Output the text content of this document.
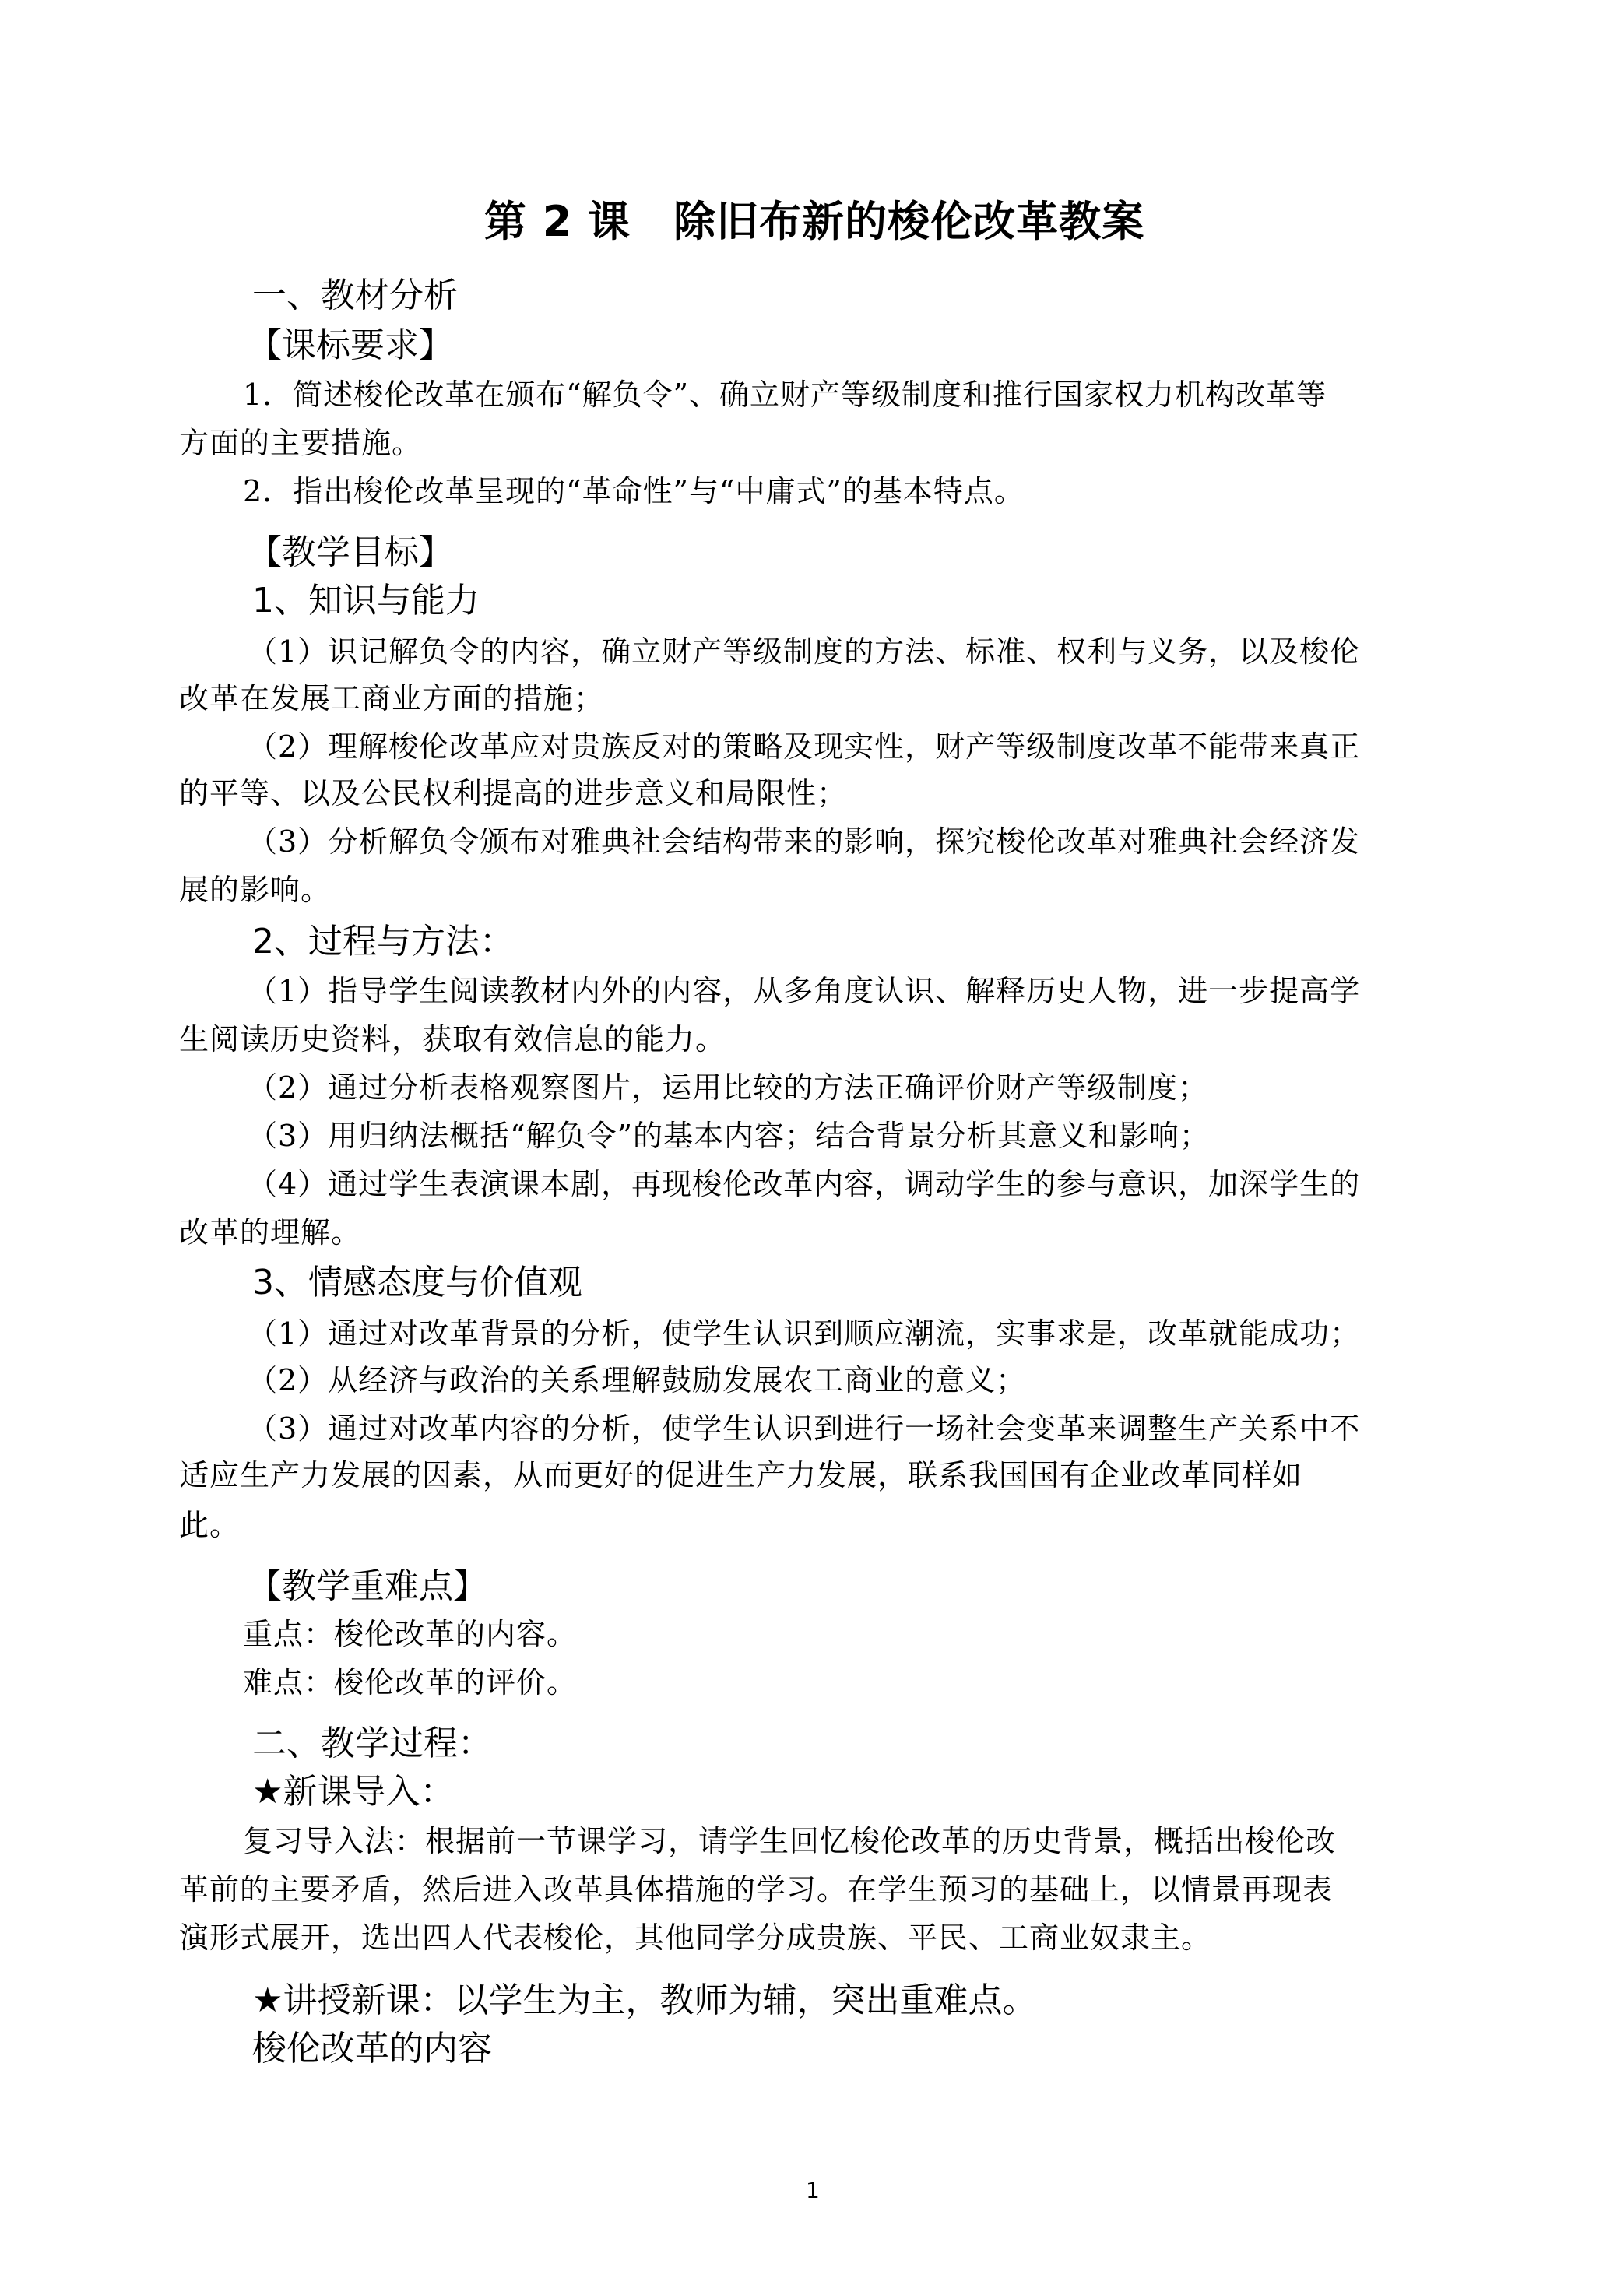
第 2 课　除旧布新的梭伦改革教案
一、教材分析
【课标要求】
1．简述梭伦改革在颁布“解负令”、确立财产等级制度和推行国家权力机构改革等
方面的主要措施。
2．指出梭伦改革呈现的“革命性”与“中庸式”的基本特点。
【教学目标】
1、知识与能力
（1）识记解负令的内容，确立财产等级制度的方法、标准、权利与义务，以及梭伦
改革在发展工商业方面的措施；
（2）理解梭伦改革应对贵族反对的策略及现实性，财产等级制度改革不能带来真正
的平等、以及公民权利提高的进步意义和局限性；
（3）分析解负令颁布对雅典社会结构带来的影响，探究梭伦改革对雅典社会经济发
展的影响。
2、过程与方法：
（1）指导学生阅读教材内外的内容，从多角度认识、解释历史人物，进一步提高学
生阅读历史资料，获取有效信息的能力。
（2）通过分析表格观察图片，运用比较的方法正确评价财产等级制度；
（3）用归纳法概括“解负令”的基本内容；结合背景分析其意义和影响；
（4）通过学生表演课本剧，再现梭伦改革内容，调动学生的参与意识，加深学生的
改革的理解。
3、情感态度与价值观
（1）通过对改革背景的分析，使学生认识到顺应潮流，实事求是，改革就能成功；
（2）从经济与政治的关系理解鼓励发展农工商业的意义；
（3）通过对改革内容的分析，使学生认识到进行一场社会变革来调整生产关系中不
适应生产力发展的因素，从而更好的促进生产力发展，联系我国国有企业改革同样如
此。
【教学重难点】
重点：梭伦改革的内容。
难点：梭伦改革的评价。
二、教学过程：
★新课导入：
复习导入法：根据前一节课学习，请学生回忆梭伦改革的历史背景，概括出梭伦改
革前的主要矛盾，然后进入改革具体措施的学习。在学生预习的基础上，以情景再现表
演形式展开，选出四人代表梭伦，其他同学分成贵族、平民、工商业奴隶主。
★讲授新课：以学生为主，教师为辅，突出重难点。
梭伦改革的内容
1
